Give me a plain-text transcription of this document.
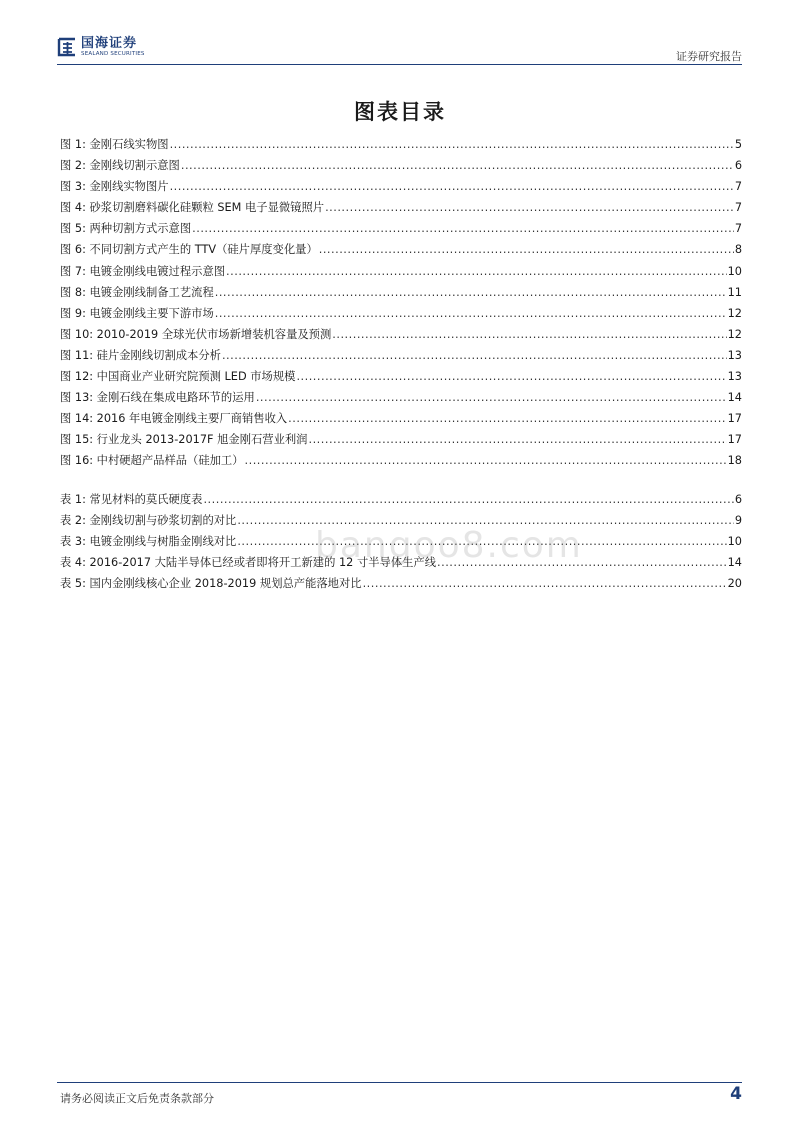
国海证券
SEALAND SECURITIES	证券研究报告
图表目录
图 1: 金刚石线实物图 .....	5
图 2: 金刚线切割示意图 .....	6
图 3: 金刚线实物图片 .....	7
图 4: 砂浆切割磨料碳化硅颗粒 SEM 电子显微镜照片 .....	7
图 5: 两种切割方式示意图 .....	7
图 6: 不同切割方式产生的 TTV（硅片厚度变化量） .....	8
图 7: 电镀金刚线电镀过程示意图 .....	10
图 8: 电镀金刚线制备工艺流程 .....	11
图 9: 电镀金刚线主要下游市场 .....	12
图 10: 2010-2019 全球光伏市场新增装机容量及预测 .....	12
图 11: 硅片金刚线切割成本分析 .....	13
图 12: 中国商业产业研究院预测 LED 市场规模 .....	13
图 13: 金刚石线在集成电路环节的运用 .....	14
图 14: 2016 年电镀金刚线主要厂商销售收入 .....	17
图 15: 行业龙头 2013-2017F 旭金刚石营业利润 .....	17
图 16: 中村硬超产品样品（硅加工） .....	18
表 1: 常见材料的莫氏硬度表 .....	6
表 2: 金刚线切割与砂浆切割的对比 .....	9
表 3: 电镀金刚线与树脂金刚线对比 .....	10
表 4: 2016-2017 大陆半导体已经或者即将开工新建的 12 寸半导体生产线 .....	14
表 5: 国内金刚线核心企业 2018-2019 规划总产能落地对比 .....	20
bangoo8.com
请务必阅读正文后免责条款部分	4
